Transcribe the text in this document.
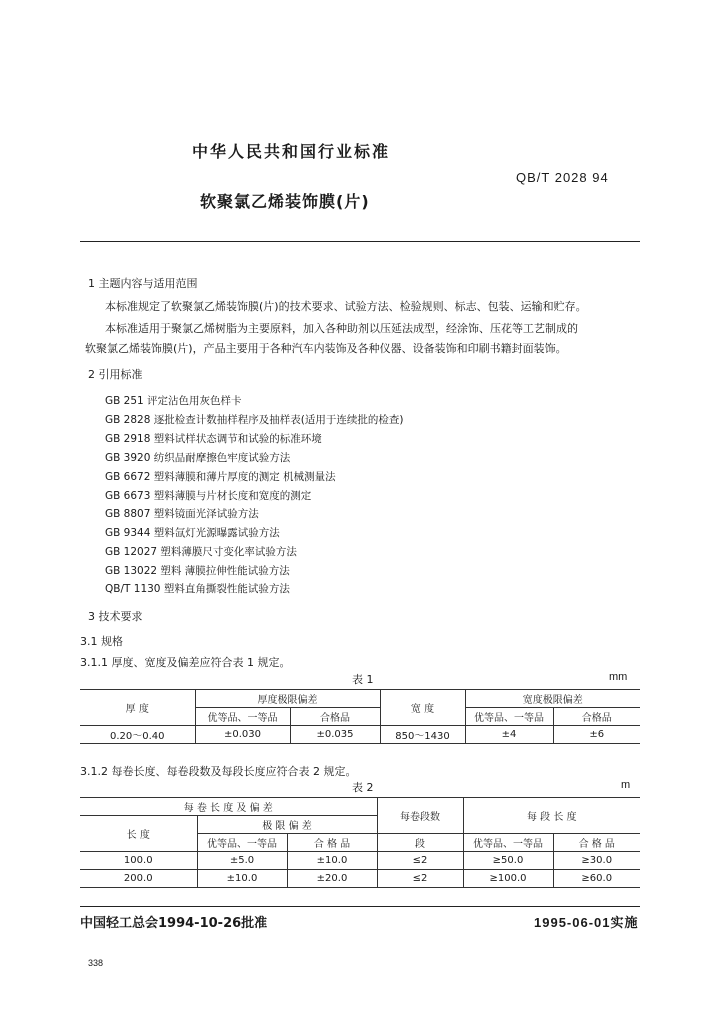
中华人民共和国行业标准
QB/T 2028 94
软聚氯乙烯装饰膜(片)
1 主题内容与适用范围
本标准规定了软聚氯乙烯装饰膜(片)的技术要求、试验方法、检验规则、标志、包装、运输和贮存。
本标准适用于聚氯乙烯树脂为主要原料，加入各种助剂以压延法成型，经涂饰、压花等工艺制成的
软聚氯乙烯装饰膜(片)，产品主要用于各种汽车内装饰及各种仪器、设备装饰和印刷书籍封面装饰。
2 引用标准
GB 251 评定沾色用灰色样卡
GB 2828 逐批检查计数抽样程序及抽样表(适用于连续批的检查)
GB 2918 塑料试样状态调节和试验的标准环境
GB 3920 纺织品耐摩擦色牢度试验方法
GB 6672 塑料薄膜和薄片厚度的测定 机械测量法
GB 6673 塑料薄膜与片材长度和宽度的测定
GB 8807 塑料镜面光泽试验方法
GB 9344 塑料氙灯光源曝露试验方法
GB 12027 塑料薄膜尺寸变化率试验方法
GB 13022 塑料 薄膜拉伸性能试验方法
QB/T 1130 塑料直角撕裂性能试验方法
3 技术要求
3.1 规格
3.1.1 厚度、宽度及偏差应符合表 1 规定。
表 1	mm
厚 度	厚度极限偏差		宽 度	宽度极限偏差	
	优等品、一等品	合格品		优等品、一等品	合格品
0.20～0.40	±0.030	±0.035	850～1430	±4	±6
3.1.2 每卷长度、每卷段数及每段长度应符合表 2 规定。
表 2	m
每 卷 长 度 及 偏 差			每卷段数	每 段 长 度	
长 度	极 限 偏 差				
	优等品、一等品	合 格 品	段	优等品、一等品	合 格 品

100.0	±5.0	±10.0	≤2	≥50.0	≥30.0
200.0	±10.0	±20.0	≤2	≥100.0	≥60.0
中国轻工总会1994-10-26批准	1995-06-01实施
338
